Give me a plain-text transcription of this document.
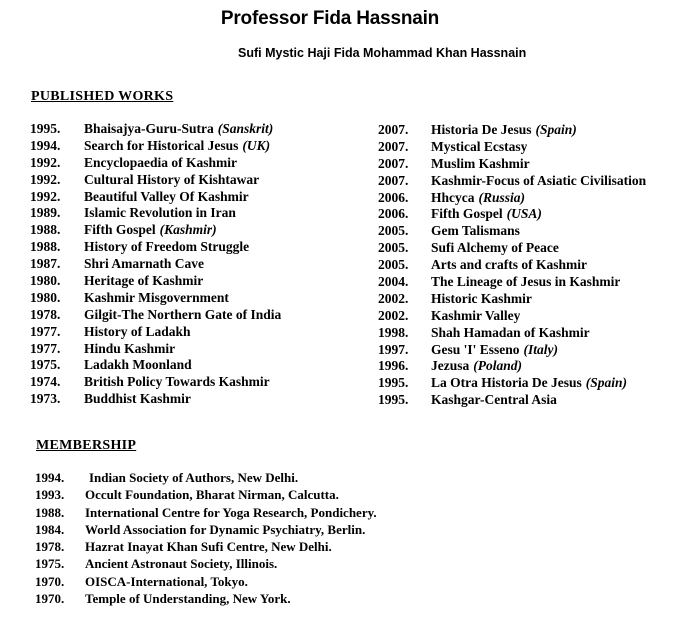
Professor Fida Hassnain
Sufi Mystic Haji Fida Mohammad Khan Hassnain
PUBLISHED WORKS
1995.	Bhaisajya-Guru-Sutra (Sanskrit)
1994.	Search for Historical Jesus (UK)
1992.	Encyclopaedia of Kashmir
1992.	Cultural History of Kishtawar
1992.	Beautiful Valley Of Kashmir
1989.	Islamic Revolution in Iran
1988.	Fifth Gospel (Kashmir)
1988.	History of Freedom Struggle
1987.	Shri Amarnath Cave
1980.	Heritage of Kashmir
1980.	Kashmir Misgovernment
1978.	Gilgit-The Northern Gate of India
1977.	History of Ladakh
1977.	Hindu Kashmir
1975.	Ladakh Moonland
1974.	British Policy Towards Kashmir
1973.	Buddhist Kashmir
2007.	Historia De Jesus (Spain)
2007.	Mystical Ecstasy
2007.	Muslim Kashmir
2007.	Kashmir-Focus of Asiatic Civilisation
2006.	Hhcyca (Russia)
2006.	Fifth Gospel (USA)
2005.	Gem Talismans
2005.	Sufi Alchemy of Peace
2005.	Arts and crafts of Kashmir
2004.	The Lineage of Jesus in Kashmir
2002.	Historic Kashmir
2002.	Kashmir Valley
1998.	Shah Hamadan of Kashmir
1997.	Gesu 'I' Esseno (Italy)
1996.	Jezusa (Poland)
1995.	La Otra Historia De Jesus (Spain)
1995.	Kashgar-Central Asia
MEMBERSHIP
1994.	Indian Society of Authors, New Delhi.
1993.	Occult Foundation, Bharat Nirman, Calcutta.
1988.	International Centre for Yoga Research, Pondichery.
1984.	World Association for Dynamic Psychiatry, Berlin.
1978.	Hazrat Inayat Khan Sufi Centre, New Delhi.
1975.	Ancient Astronaut Society, Illinois.
1970.	OISCA-International, Tokyo.
1970.	Temple of Understanding, New York.
